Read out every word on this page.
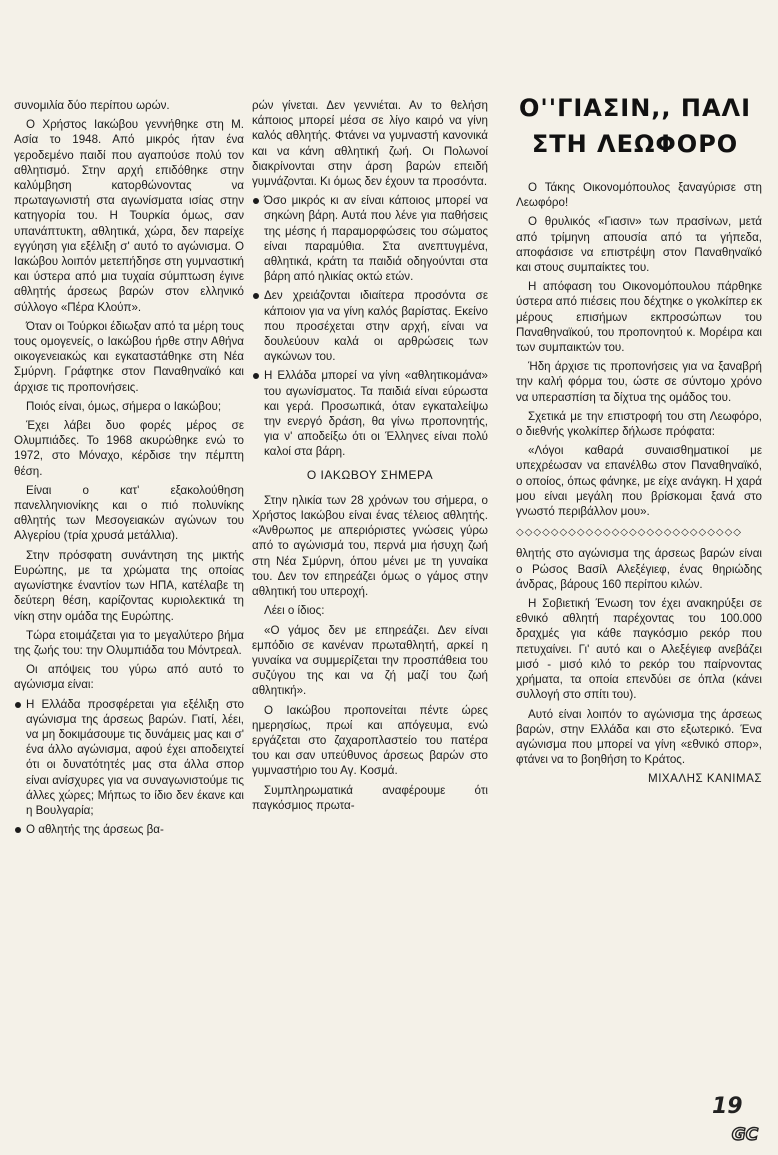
συνομιλία δύο περίπου ωρών.

Ο Χρήστος Ιακώβου γεννήθηκε στη Μ. Ασία το 1948. Από μικρός ήταν ένα γεροδεμένο παιδί που αγαπούσε πολύ τον αθλητισμό. Στην αρχή επιδόθηκε στην καλύμβηση κατορθώνοντας να πρωταγωνιστή στα αγωνίσματα ισίας στην κατηγορία του. Η Τουρκία όμως, σαν υπανάπτυκτη, αθλητικά, χώρα, δεν παρείχε εγγύηση για εξέλιξη σ' αυτό το αγώνισμα. Ο Ιακώβου λοιπόν μετεπήδησε στη γυμναστική και ύστερα από μια τυχαία σύμπτωση έγινε αθλητής άρσεως βαρών στον ελληνικό σύλλογο «Πέρα Κλούπ».

Όταν οι Τούρκοι έδιωξαν από τα μέρη τους τους ομογενείς, ο Ιακώβου ήρθε στην Αθήνα οικογενειακώς και εγκαταστάθηκε στη Νέα Σμύρνη. Γράφτηκε στον Παναθηναϊκό και άρχισε τις προπονήσεις.

Ποιός είναι, όμως, σήμερα ο Ιακώβου;

Έχει λάβει δυο φορές μέρος σε Ολυμπιάδες. Το 1968 ακυρώθηκε ενώ το 1972, στο Μόναχο, κέρδισε την πέμπτη θέση.

Είναι ο κατ' εξακολούθηση πανελληνιονίκης και ο πιό πολυνίκης αθλητής των Μεσογειακών αγώνων του Αλγερίου (τρία χρυσά μετάλλια).

Στην πρόσφατη συνάντηση της μικτής Ευρώπης, με τα χρώματα της οποίας αγωνίστηκε έναντίον των ΗΠΑ, κατέλαβε τη δεύτερη θέση, καρίζοντας κυριολεκτικά τη νίκη στην ομάδα της Ευρώπης.

Τώρα ετοιμάζεται για το μεγαλύτερο βήμα της ζωής του: την Ολυμπιάδα του Μόντρεαλ.

Οι απόψεις του γύρω από αυτό το αγώνισμα είναι:

Η Ελλάδα προσφέρεται για εξέλιξη στο αγώνισμα της άρσεως βαρών. Γιατί, λέει, να μη δοκιμάσουμε τις δυνάμεις μας και σ' ένα άλλο αγώνισμα, αφού έχει αποδειχτεί ότι οι δυνατότητές μας στα άλλα σπορ είναι ανίσχυρες για να συναγωνιστούμε τις άλλες χώρες; Μήπως το ίδιο δεν έκανε και η Βουλγαρία;

Ο αθλητής της άρσεως βα-

ρών γίνεται. Δεν γεννιέται. Αν το θελήση κάποιος μπορεί μέσα σε λίγο καιρό να γίνη καλός αθλητής. Φτάνει να γυμναστή κανονικά και να κάνη αθλητική ζωή. Οι Πολωνοί διακρίνονται στην άρση βαρών επειδή γυμνάζονται. Κι όμως δεν έχουν τα προσόντα.

Όσο μικρός κι αν είναι κάποιος μπορεί να σηκώνη βάρη. Αυτά που λένε για παθήσεις της μέσης ή παραμορφώσεις του σώματος είναι παραμύθια. Στα ανεπτυγμένα, αθλητικά, κράτη τα παιδιά οδηγούνται στα βάρη από ηλικίας οκτώ ετών.

Δεν χρειάζονται ιδιαίτερα προσόντα σε κάποιον για να γίνη καλός βαρίστας. Εκείνο που προσέχεται στην αρχή, είναι να δουλεύουν καλά οι αρθρώσεις των αγκώνων του.

Η Ελλάδα μπορεί να γίνη «αθλητικομάνα» του αγωνίσματος. Τα παιδιά είναι εύρωστα και γερά. Προσωπικά, όταν εγκαταλείψω την ενεργό δράση, θα γίνω προπονητής, για ν' αποδείξω ότι οι Έλληνες είναι πολύ καλοί στα βάρη.

Ο ΙΑΚΩΒΟΥ ΣΗΜΕΡΑ

Στην ηλικία των 28 χρόνων του σήμερα, ο Χρήστος Ιακώβου είναι ένας τέλειος αθλητής. «Άνθρωπος με απεριόριστες γνώσεις γύρω από το αγώνισμά του, περνά μια ήσυχη ζωή στη Νέα Σμύρνη, όπου μένει με τη γυναίκα του. Δεν τον επηρεάζει όμως ο γάμος στην αθλητική του υπεροχή.

Λέει ο ίδιος:

«Ο γάμος δεν με επηρεάζει. Δεν είναι εμπόδιο σε κανέναν πρωταθλητή, αρκεί η γυναίκα να συμμερίζεται την προσπάθεια του συζύγου της και να ζή μαζί του ζωή αθλητική».

Ο Ιακώβου προπονείται πέντε ώρες ημερησίως, πρωί και απόγευμα, ενώ εργάζεται στο ζαχαροπλαστείο του πατέρα του και σαν υπεύθυνος άρσεως βαρών στο γυμναστήριο του Αγ. Κοσμά.

Συμπληρωματικά αναφέρουμε ότι παγκόσμιος πρωτα-

Ο''ΓΙΑΣΙΝ,, ΠΑΛΙ
ΣΤΗ ΛΕΩΦΟΡΟ

Ο Τάκης Οικονομόπουλος ξαναγύρισε στη Λεωφόρο!

Ο θρυλικός «Γιασιν» των πρασίνων, μετά από τρίμηνη απουσία από τα γήπεδα, αποφάσισε να επιστρέψη στον Παναθηναϊκό και στους συμπαίκτες του.

Η απόφαση του Οικονομόπουλου πάρθηκε ύστερα από πιέσεις που δέχτηκε ο γκολκίπερ εκ μέρους επισήμων εκπροσώπων του Παναθηναϊκού, του προπονητού κ. Μορέιρα και των συμπαικτών του.

Ήδη άρχισε τις προπονήσεις για να ξαναβρή την καλή φόρμα του, ώστε σε σύντομο χρόνο να υπερασπίση τα δίχτυα της ομάδος του.

Σχετικά με την επιστροφή του στη Λεωφόρο, ο διεθνής γκολκίπερ δήλωσε πρόφατα:

«Λόγοι καθαρά συναισθηματικοί με υπεχρέωσαν να επανέλθω στον Παναθηναϊκό, ο οποίος, όπως φάνηκε, με είχε ανάγκη. Η χαρά μου είναι μεγάλη που βρίσκομαι ξανά στο γνωστό περιβάλλον μου».

◇◇◇◇◇◇◇◇◇◇◇◇◇◇◇◇◇◇◇◇◇◇◇◇◇◇

θλητής στο αγώνισμα της άρσεως βαρών είναι ο Ρώσος Βασίλ Αλεξέγιεφ, ένας θηριώδης άνδρας, βάρους 160 περίπου κιλών.

Η Σοβιετική Ένωση τον έχει ανακηρύξει σε εθνικό αθλητή παρέχοντας του 100.000 δραχμές για κάθε παγκόσμιο ρεκόρ που πετυχαίνει. Γι' αυτό και ο Αλεξέγιεφ ανεβάζει μισό - μισό κιλό το ρεκόρ του παίρνοντας χρήματα, τα οποία επενδύει σε όπλα (κάνει συλλογή στο σπίτι του).

Αυτό είναι λοιπόν το αγώνισμα της άρσεως βαρών, στην Ελλάδα και στο εξωτερικό. Ένα αγώνισμα που μπορεί να γίνη «εθνικό σπορ», φτάνει να το βοηθήση το Κράτος.

ΜΙΧΑΛΗΣ ΚΑΝΙΜΑΣ

19
GC
